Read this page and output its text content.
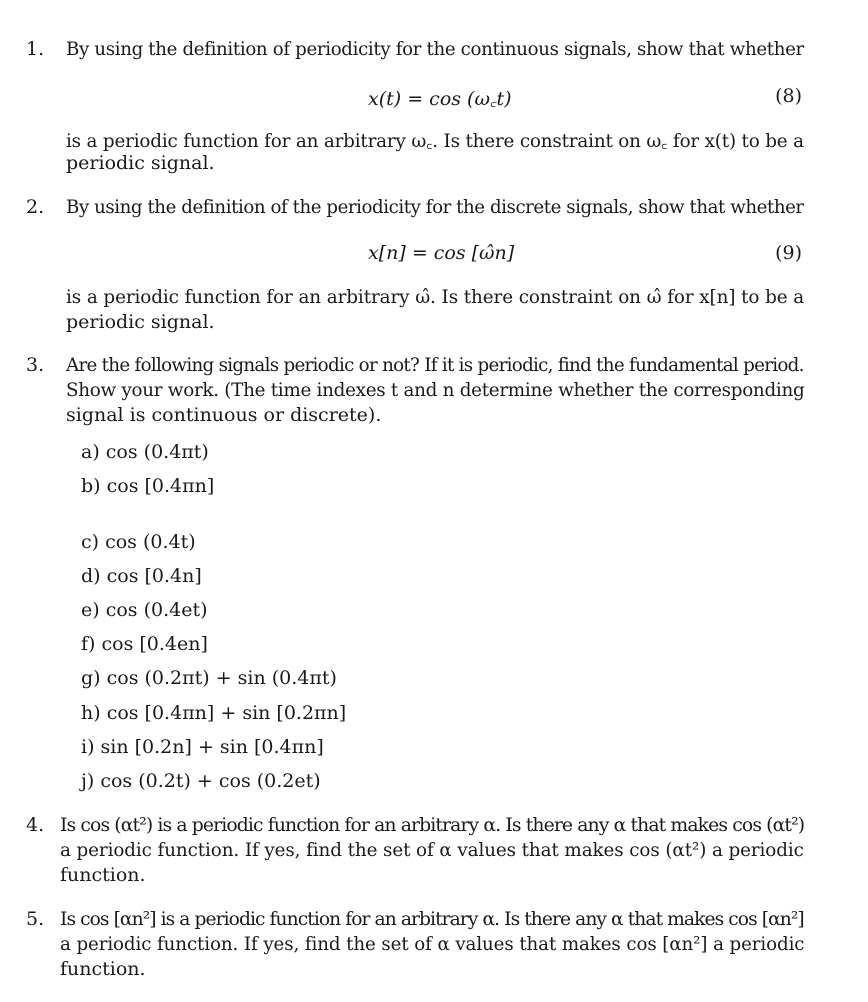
1. By using the definition of periodicity for the continuous signals, show that whether
x(t) = cos (ω꜀t)	(8)
is a periodic function for an arbitrary ω꜀. Is there constraint on ω꜀ for x(t) to be a
periodic signal.
2. By using the definition of the periodicity for the discrete signals, show that whether
x[n] = cos [ω̂n]	(9)
is a periodic function for an arbitrary ω̂. Is there constraint on ω̂ for x[n] to be a
periodic signal.
3. Are the following signals periodic or not? If it is periodic, find the fundamental period.
Show your work. (The time indexes t and n determine whether the corresponding
signal is continuous or discrete).
a) cos (0.4πt)
b) cos [0.4πn]
c) cos (0.4t)
d) cos [0.4n]
e) cos (0.4et)
f) cos [0.4en]
g) cos (0.2πt) + sin (0.4πt)
h) cos [0.4πn] + sin [0.2πn]
i) sin [0.2n] + sin [0.4πn]
j) cos (0.2t) + cos (0.2et)
4. Is cos (αt²) is a periodic function for an arbitrary α. Is there any α that makes cos (αt²)
a periodic function. If yes, find the set of α values that makes cos (αt²) a periodic
function.
5. Is cos [αn²] is a periodic function for an arbitrary α. Is there any α that makes cos [αn²]
a periodic function. If yes, find the set of α values that makes cos [αn²] a periodic
function.
